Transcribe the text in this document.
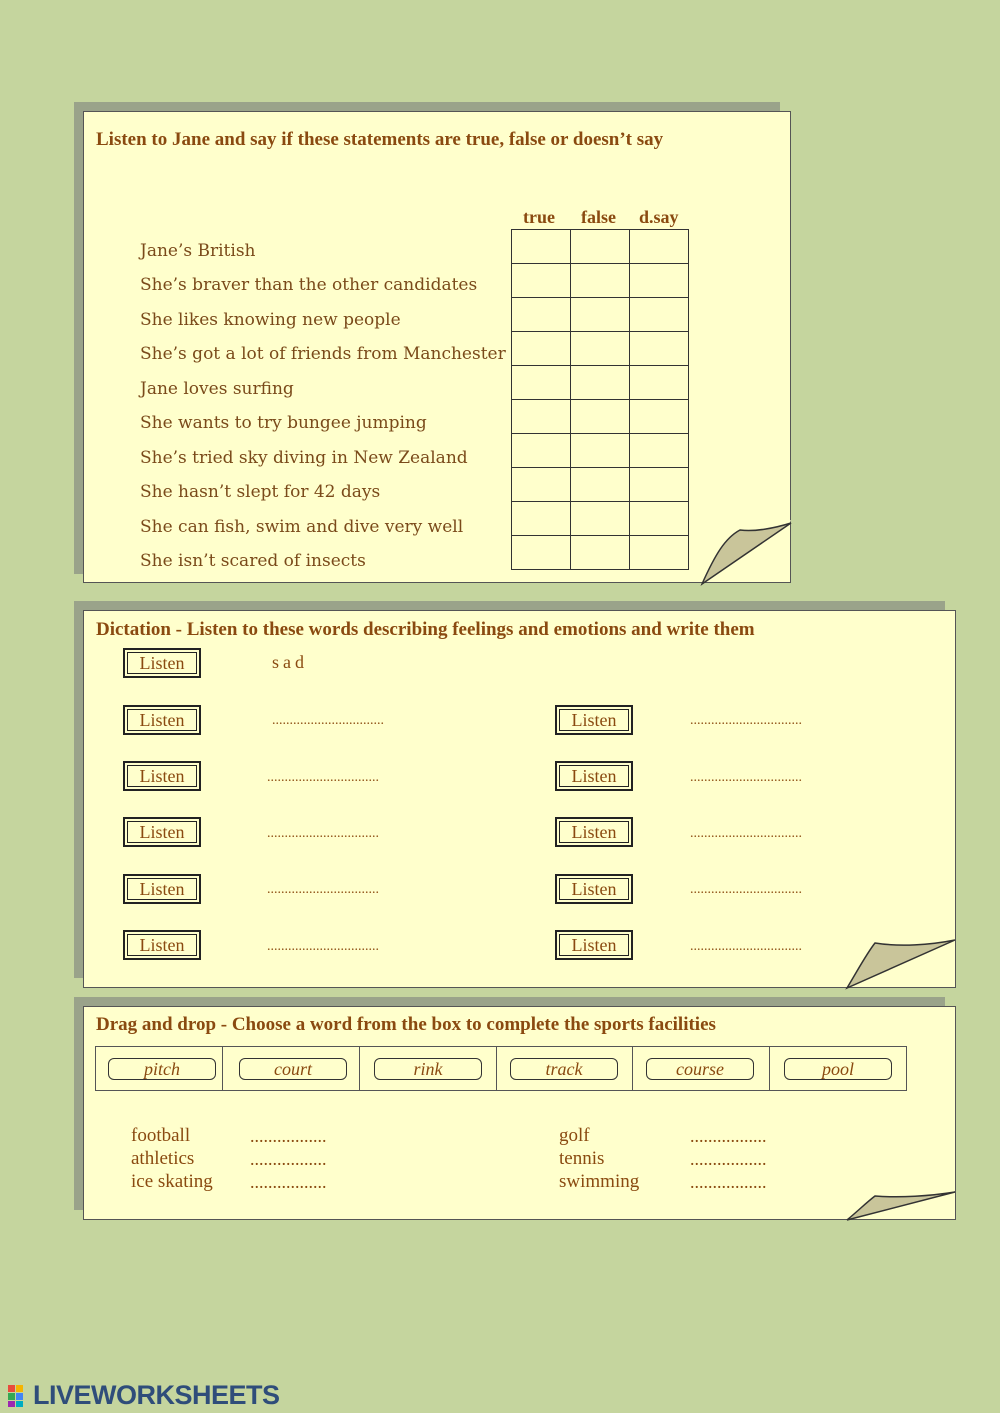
Listen to Jane and say if these statements are true, false or doesn’t say
true false d.say
Jane’s British
She’s braver than the other candidates
She likes knowing new people
She’s got a lot of friends from Manchester
Jane loves surfing
She wants to try bungee jumping
She’s tried sky diving in New Zealand
She hasn’t slept for 42 days
She can fish, swim and dive very well
She isn’t scared of insects

Dictation - Listen to these words describing feelings and emotions and write them
Listen	sad
Listen	................................	Listen	................................
Listen	................................	Listen	................................
Listen	................................	Listen	................................
Listen	................................	Listen	................................
Listen	................................	Listen	................................
Drag and drop - Choose a word from the box to complete the sports facilities
pitch	court	rink	track	course	pool
football	.................
athletics	.................
ice skating .................
golf	.................
tennis	.................
swimming	.................
LIVEWORKSHEETS
